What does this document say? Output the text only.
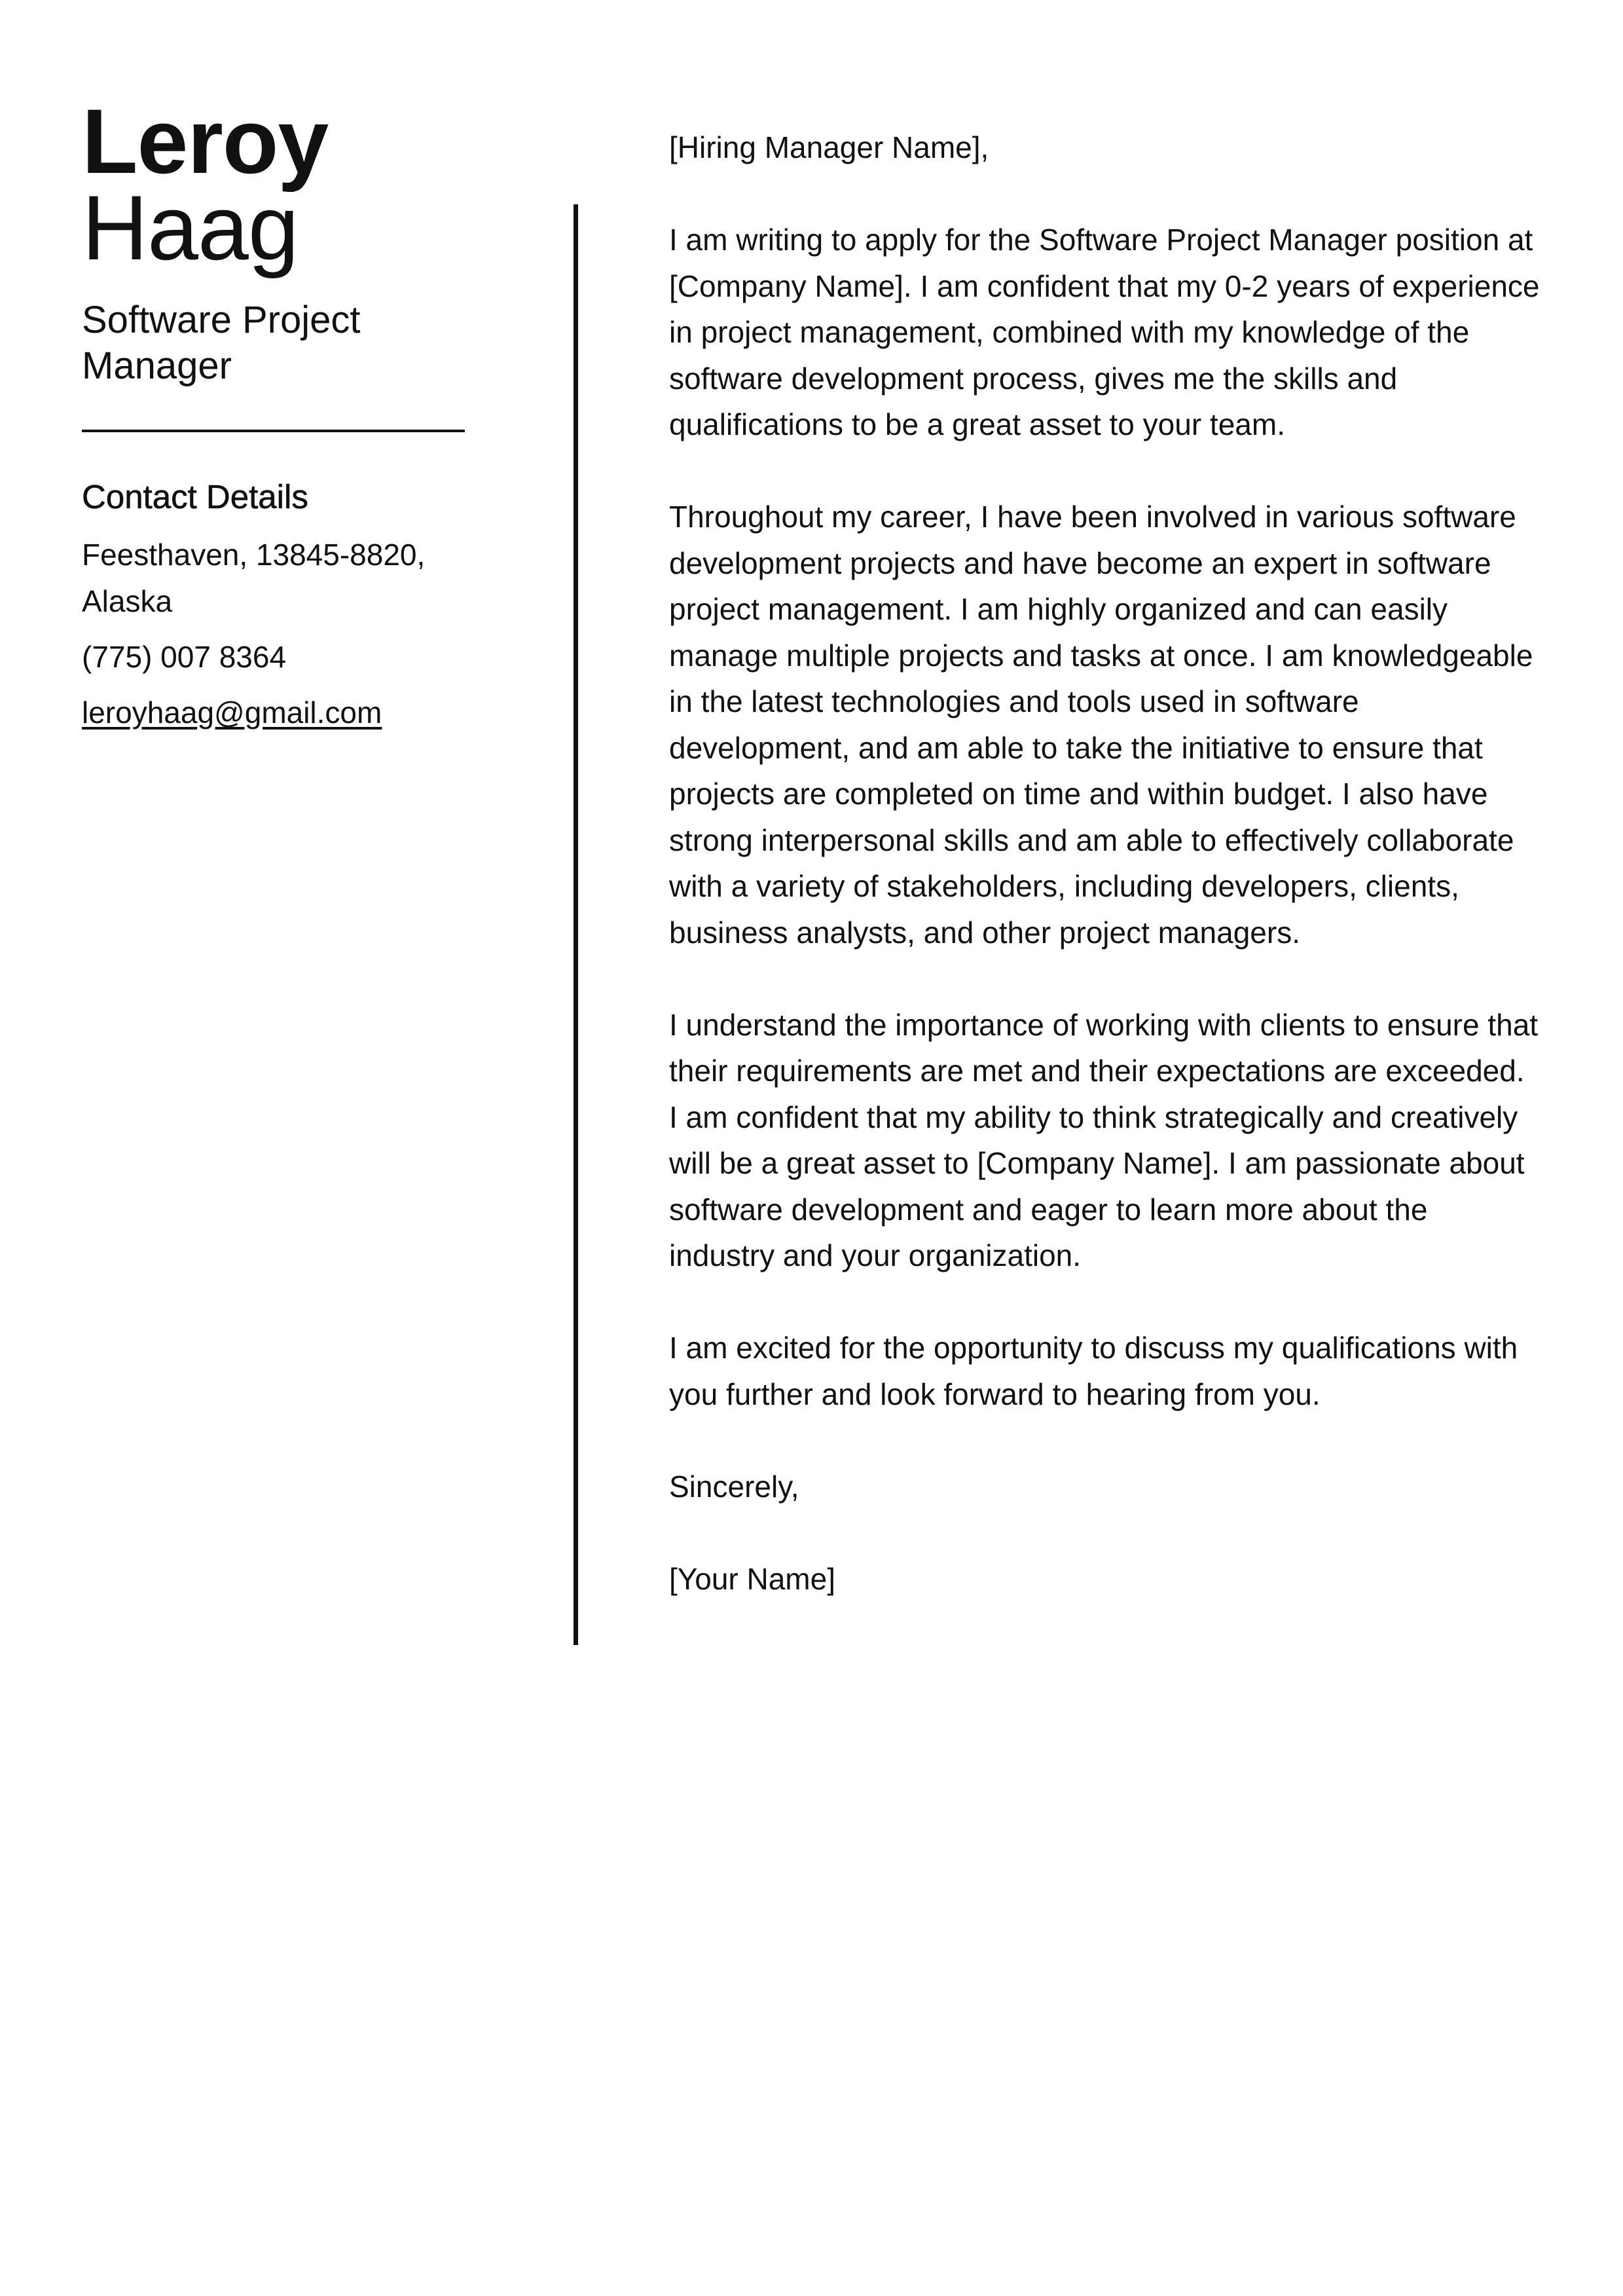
Leroy
Haag
Software Project Manager
Contact Details
Feesthaven, 13845-8820, Alaska
(775) 007 8364
leroyhaag@gmail.com

[Hiring Manager Name],

I am writing to apply for the Software Project Manager position at [Company Name]. I am confident that my 0-2 years of experience in project management, combined with my knowledge of the software development process, gives me the skills and qualifications to be a great asset to your team.

Throughout my career, I have been involved in various software development projects and have become an expert in software project management. I am highly organized and can easily manage multiple projects and tasks at once. I am knowledgeable in the latest technologies and tools used in software development, and am able to take the initiative to ensure that projects are completed on time and within budget. I also have strong interpersonal skills and am able to effectively collaborate with a variety of stakeholders, including developers, clients, business analysts, and other project managers.

I understand the importance of working with clients to ensure that their requirements are met and their expectations are exceeded. I am confident that my ability to think strategically and creatively will be a great asset to [Company Name]. I am passionate about software development and eager to learn more about the industry and your organization.

I am excited for the opportunity to discuss my qualifications with you further and look forward to hearing from you.

Sincerely,

[Your Name]
